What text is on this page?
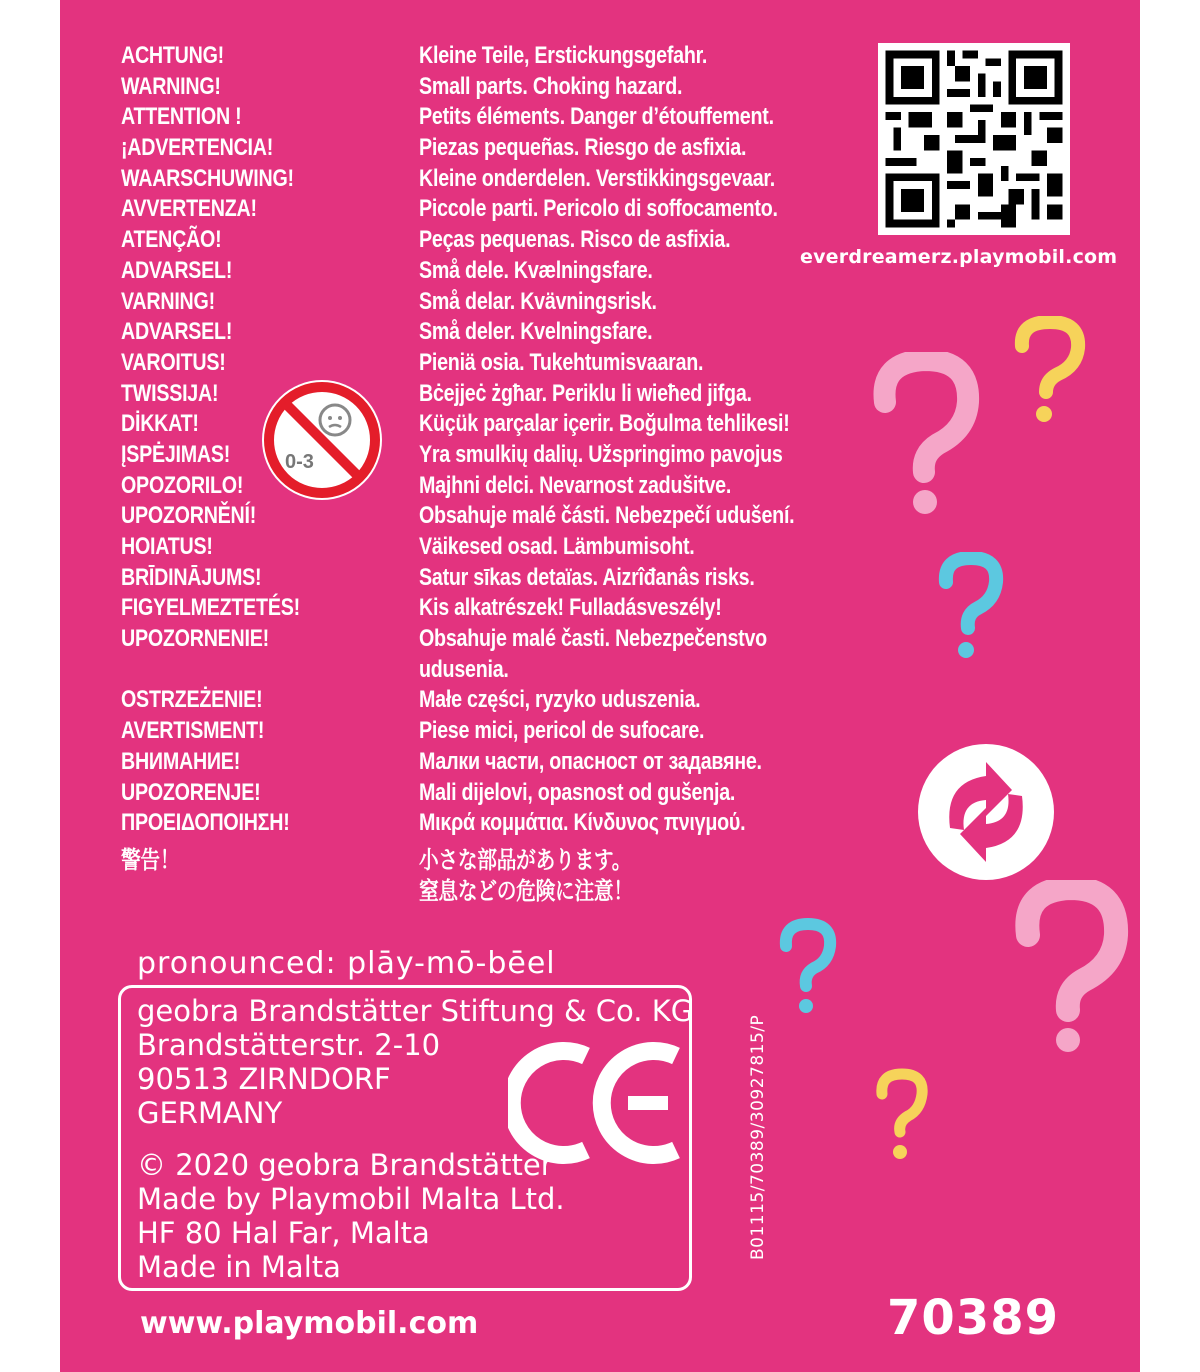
ACHTUNG!	Kleine Teile, Erstickungsgefahr.
WARNING!	Small parts. Choking hazard.
ATTENTION !	Petits éléments. Danger d’étouffement.
¡ADVERTENCIA!	Piezas pequeñas. Riesgo de asfixia.
WAARSCHUWING!	Kleine onderdelen. Verstikkingsgevaar.
AVVERTENZA!	Piccole parti. Pericolo di soffocamento.
ATENÇÃO!	Peças pequenas. Risco de asfixia.
ADVARSEL!	Små dele. Kvælningsfare.
VARNING!	Små delar. Kvävningsrisk.
ADVARSEL!	Små deler. Kvelningsfare.
VAROITUS!	Pieniä osia. Tukehtumisvaaran.
TWISSIJA!	Bċejjeċ żgħar. Periklu li wieħed jifga.
DİKKAT!	Küçük parçalar içerir. Boğulma tehlikesi!
ĮSPĖJIMAS!	Yra smulkių dalių. Užspringimo pavojus
OPOZORILO!	Majhni delci. Nevarnost zadušitve.
UPOZORNĚNÍ!	Obsahuje malé části. Nebezpečí udušení.
HOIATUS!	Väikesed osad. Lämbumisoht.
BRĪDINĀJUMS!	Satur sīkas detaïas. Aizrîđanâs risks.
FIGYELMEZTETÉS!	Kis alkatrészek! Fulladásveszély!
UPOZORNENIE!	Obsahuje malé časti. Nebezpečenstvo
udusenia.
OSTRZEŻENIE!	Małe części, ryzyko uduszenia.
AVERTISMENT!	Piese mici, pericol de sufocare.
ВНИМАНИЕ!	Малки части, опасност от задавяне.
UPOZORENJE!	Mali dijelovi, opasnost od gušenja.
ΠΡΟΕΙΔΟΠΟΙΗΣΗ!	Μικρά κομμάτια. Κίνδυνος πνιγμού.
警告！	小さな部品があります。
窒息などの危険に注意！
0-3
everdreamerz.playmobil.com
pronounced: plāy-mō-bēel
geobra Brandstätter Stiftung & Co. KG
Brandstätterstr. 2-10
90513 ZIRNDORF
GERMANY
© 2020 geobra Brandstätter
Made by Playmobil Malta Ltd.
HF 80 Hal Far, Malta
Made in Malta
B01115/70389/30927815/P
www.playmobil.com	70389
